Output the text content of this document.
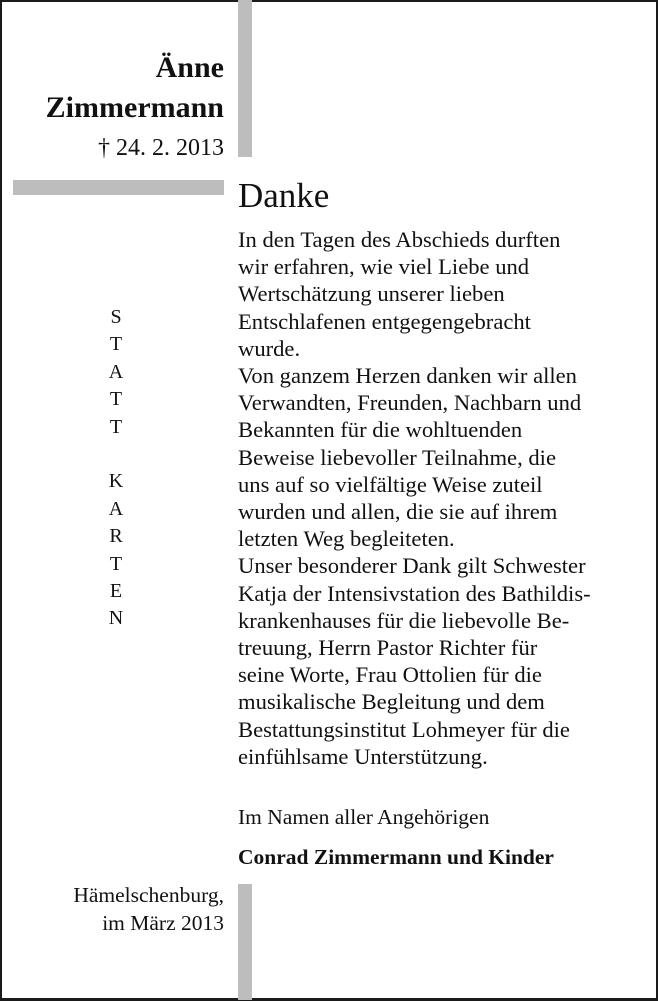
Änne
Zimmermann
† 24. 2. 2013
S
T
A
T
T
K
A
R
T
E
N
Danke
In den Tagen des Abschieds durften
wir erfahren, wie viel Liebe und
Wertschätzung unserer lieben
Entschlafenen entgegengebracht
wurde.
Von ganzem Herzen danken wir allen
Verwandten, Freunden, Nachbarn und
Bekannten für die wohltuenden
Beweise liebevoller Teilnahme, die
uns auf so vielfältige Weise zuteil
wurden und allen, die sie auf ihrem
letzten Weg begleiteten.
Unser besonderer Dank gilt Schwester
Katja der Intensivstation des Bathildis-
krankenhauses für die liebevolle Be-
treuung, Herrn Pastor Richter für
seine Worte, Frau Ottolien für die
musikalische Begleitung und dem
Bestattungsinstitut Lohmeyer für die
einfühlsame Unterstützung.
Im Namen aller Angehörigen
Conrad Zimmermann und Kinder
Hämelschenburg,
im März 2013
